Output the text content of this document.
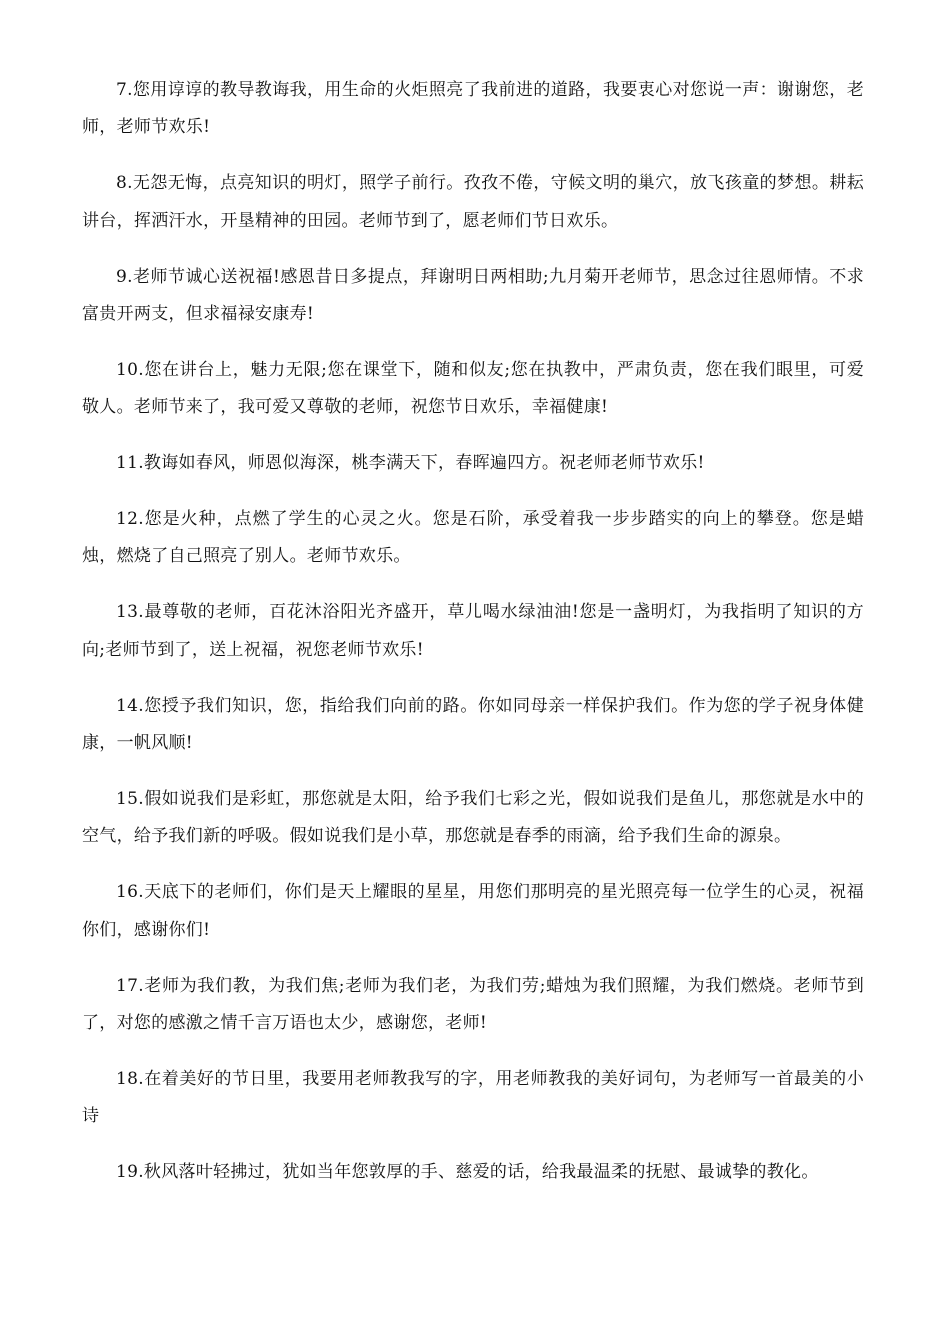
7.您用谆谆的教导教诲我，用生命的火炬照亮了我前进的道路，我要衷心对您说一声：谢谢您，老师，老师节欢乐!

8.无怨无悔，点亮知识的明灯，照学子前行。孜孜不倦，守候文明的巢穴，放飞孩童的梦想。耕耘讲台，挥洒汗水，开垦精神的田园。老师节到了，愿老师们节日欢乐。

9.老师节诚心送祝福!感恩昔日多提点，拜谢明日两相助;九月菊开老师节，思念过往恩师情。不求富贵开两支，但求福禄安康寿!

10.您在讲台上，魅力无限;您在课堂下，随和似友;您在执教中，严肃负责，您在我们眼里，可爱敬人。老师节来了，我可爱又尊敬的老师，祝您节日欢乐，幸福健康!

11.教诲如春风，师恩似海深，桃李满天下，春晖遍四方。祝老师老师节欢乐!

12.您是火种，点燃了学生的心灵之火。您是石阶，承受着我一步步踏实的向上的攀登。您是蜡烛，燃烧了自己照亮了别人。老师节欢乐。

13.最尊敬的老师，百花沐浴阳光齐盛开，草儿喝水绿油油!您是一盏明灯，为我指明了知识的方向;老师节到了，送上祝福，祝您老师节欢乐!

14.您授予我们知识，您，指给我们向前的路。你如同母亲一样保护我们。作为您的学子祝身体健康，一帆风顺!

15.假如说我们是彩虹，那您就是太阳，给予我们七彩之光，假如说我们是鱼儿，那您就是水中的空气，给予我们新的呼吸。假如说我们是小草，那您就是春季的雨滴，给予我们生命的源泉。

16.天底下的老师们，你们是天上耀眼的星星，用您们那明亮的星光照亮每一位学生的心灵，祝福你们，感谢你们!

17.老师为我们教，为我们焦;老师为我们老，为我们劳;蜡烛为我们照耀，为我们燃烧。老师节到了，对您的感激之情千言万语也太少，感谢您，老师!

18.在着美好的节日里，我要用老师教我写的字，用老师教我的美好词句，为老师写一首最美的小诗

19.秋风落叶轻拂过，犹如当年您敦厚的手、慈爱的话，给我最温柔的抚慰、最诚挚的教化。
